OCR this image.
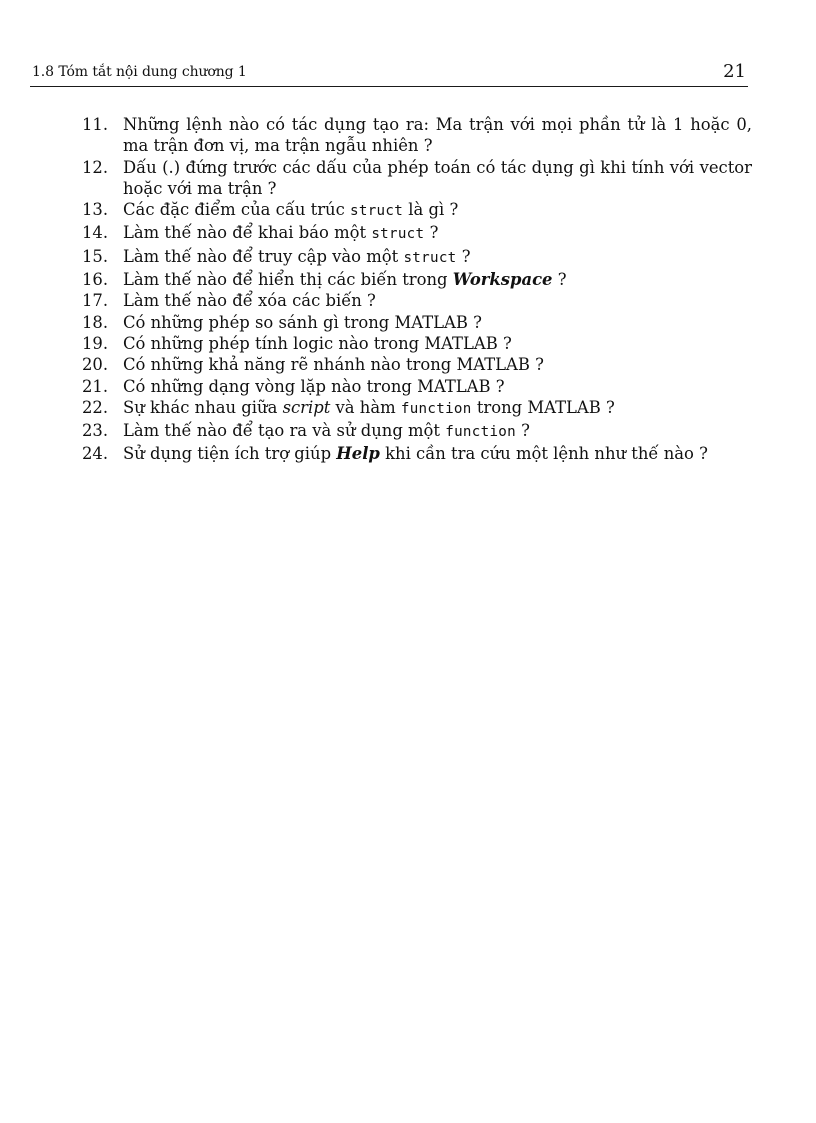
1.8 Tóm tắt nội dung chương 1	21
11. Những lệnh nào có tác dụng tạo ra: Ma trận với mọi phần tử là 1 hoặc 0, ma trận đơn vị, ma trận ngẫu nhiên ?
12. Dấu (.) đứng trước các dấu của phép toán có tác dụng gì khi tính với vector hoặc với ma trận ?
13. Các đặc điểm của cấu trúc struct là gì ?
14. Làm thế nào để khai báo một struct ?
15. Làm thế nào để truy cập vào một struct ?
16. Làm thế nào để hiển thị các biến trong Workspace ?
17. Làm thế nào để xóa các biến ?
18. Có những phép so sánh gì trong MATLAB ?
19. Có những phép tính logic nào trong MATLAB ?
20. Có những khả năng rẽ nhánh nào trong MATLAB ?
21. Có những dạng vòng lặp nào trong MATLAB ?
22. Sự khác nhau giữa script và hàm function trong MATLAB ?
23. Làm thế nào để tạo ra và sử dụng một function ?
24. Sử dụng tiện ích trợ giúp Help khi cần tra cứu một lệnh như thế nào ?
